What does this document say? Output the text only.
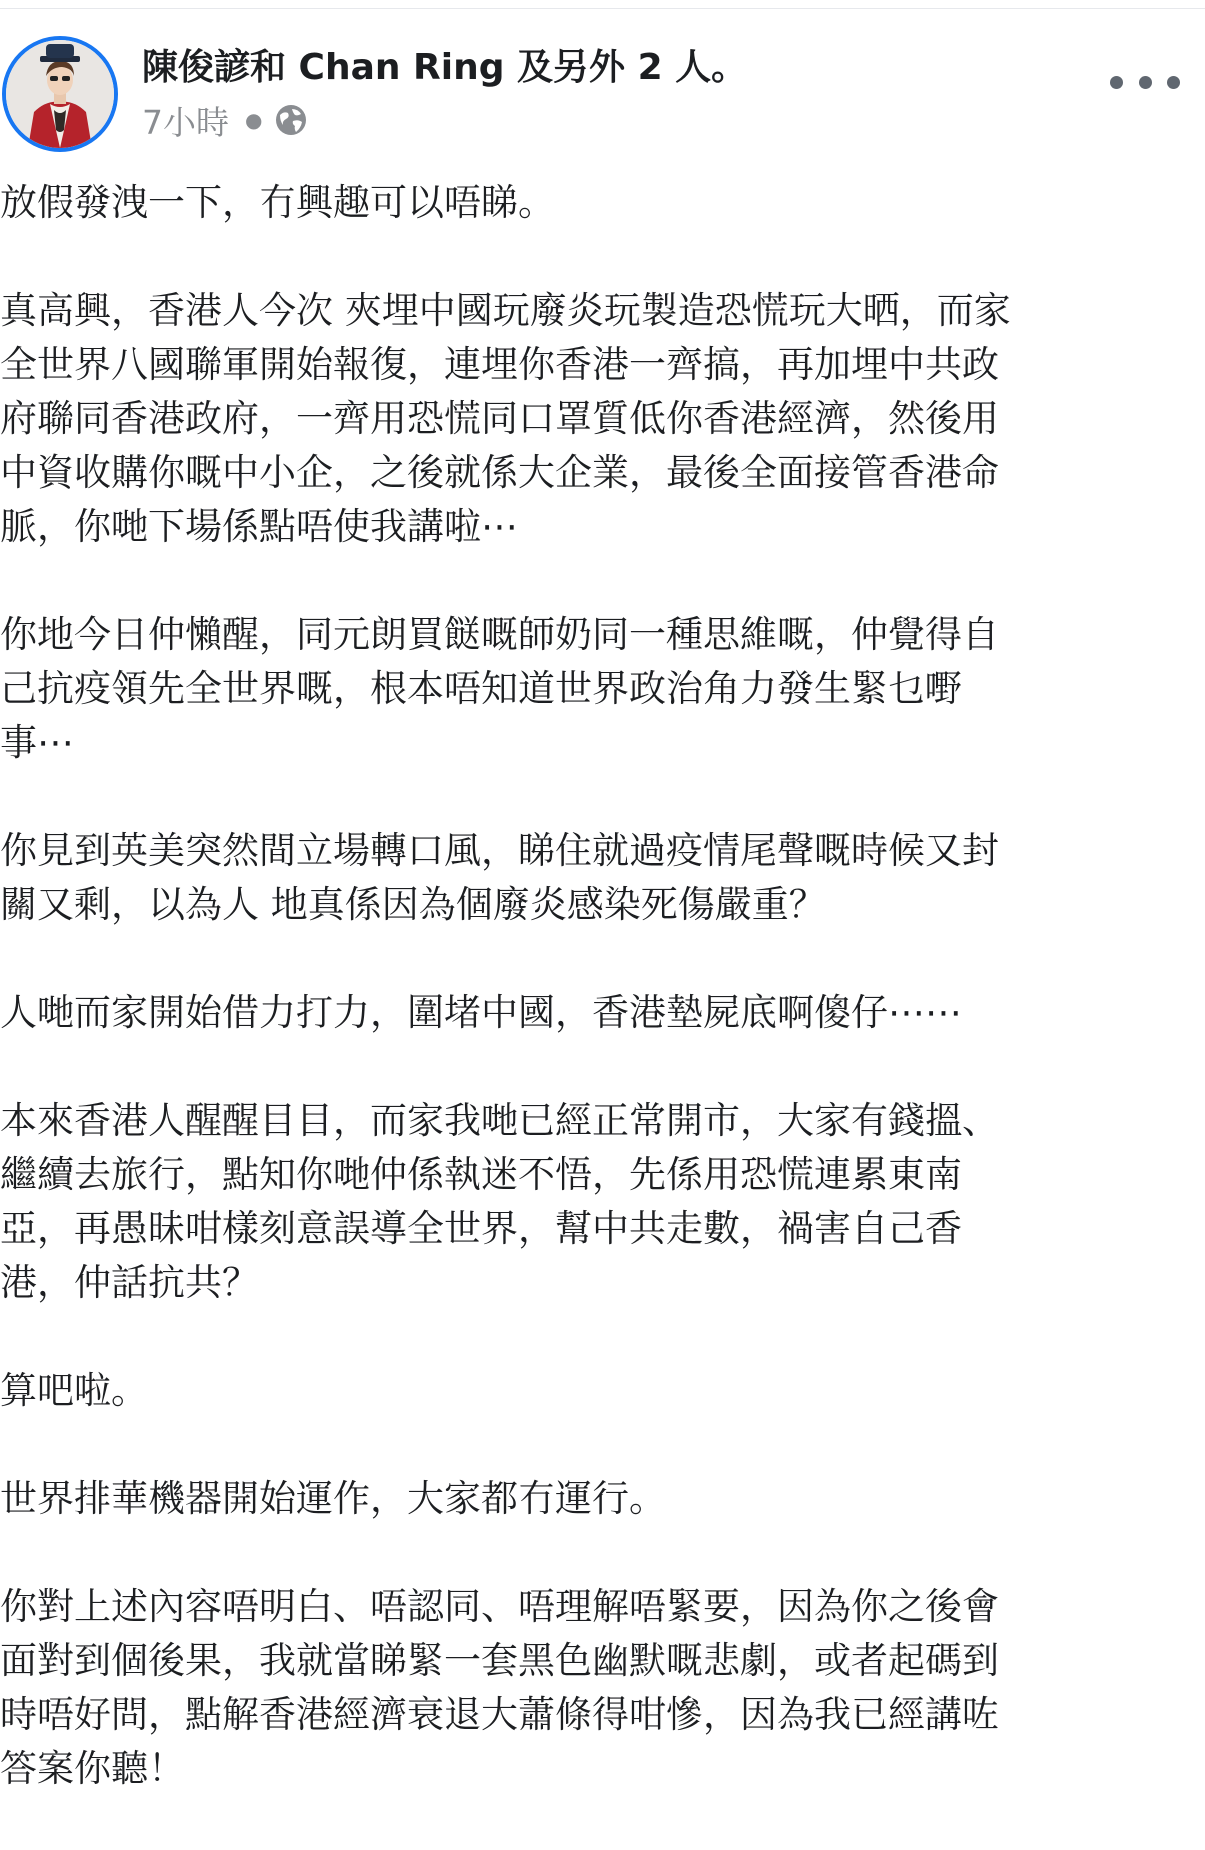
陳俊諺和 Chan Ring 及另外 2 人。
7小時 ●
放假發洩一下，冇興趣可以唔睇。
真高興，香港人今次 夾埋中國玩廢炎玩製造恐慌玩大晒，而家
全世界八國聯軍開始報復，連埋你香港一齊搞，再加埋中共政
府聯同香港政府，一齊用恐慌同口罩質低你香港經濟，然後用
中資收購你嘅中小企，之後就係大企業，最後全面接管香港命
脈，你哋下場係點唔使我講啦⋯
你地今日仲懶醒，同元朗買餸嘅師奶同一種思維嘅，仲覺得自
己抗疫領先全世界嘅，根本唔知道世界政治角力發生緊乜嘢
事⋯
你見到英美突然間立場轉口風，睇住就過疫情尾聲嘅時候又封
關又剩，以為人 地真係因為個廢炎感染死傷嚴重？
人哋而家開始借力打力，圍堵中國，香港墊屍底啊傻仔⋯⋯
本來香港人醒醒目目，而家我哋已經正常開市，大家有錢搵、
繼續去旅行，點知你哋仲係執迷不悟，先係用恐慌連累東南
亞，再愚昧咁樣刻意誤導全世界，幫中共走數，禍害自己香
港，仲話抗共？
算吧啦。
世界排華機器開始運作，大家都冇運行。
你對上述內容唔明白、唔認同、唔理解唔緊要，因為你之後會
面對到個後果，我就當睇緊一套黑色幽默嘅悲劇，或者起碼到
時唔好問，點解香港經濟衰退大蕭條得咁慘，因為我已經講咗
答案你聽！
